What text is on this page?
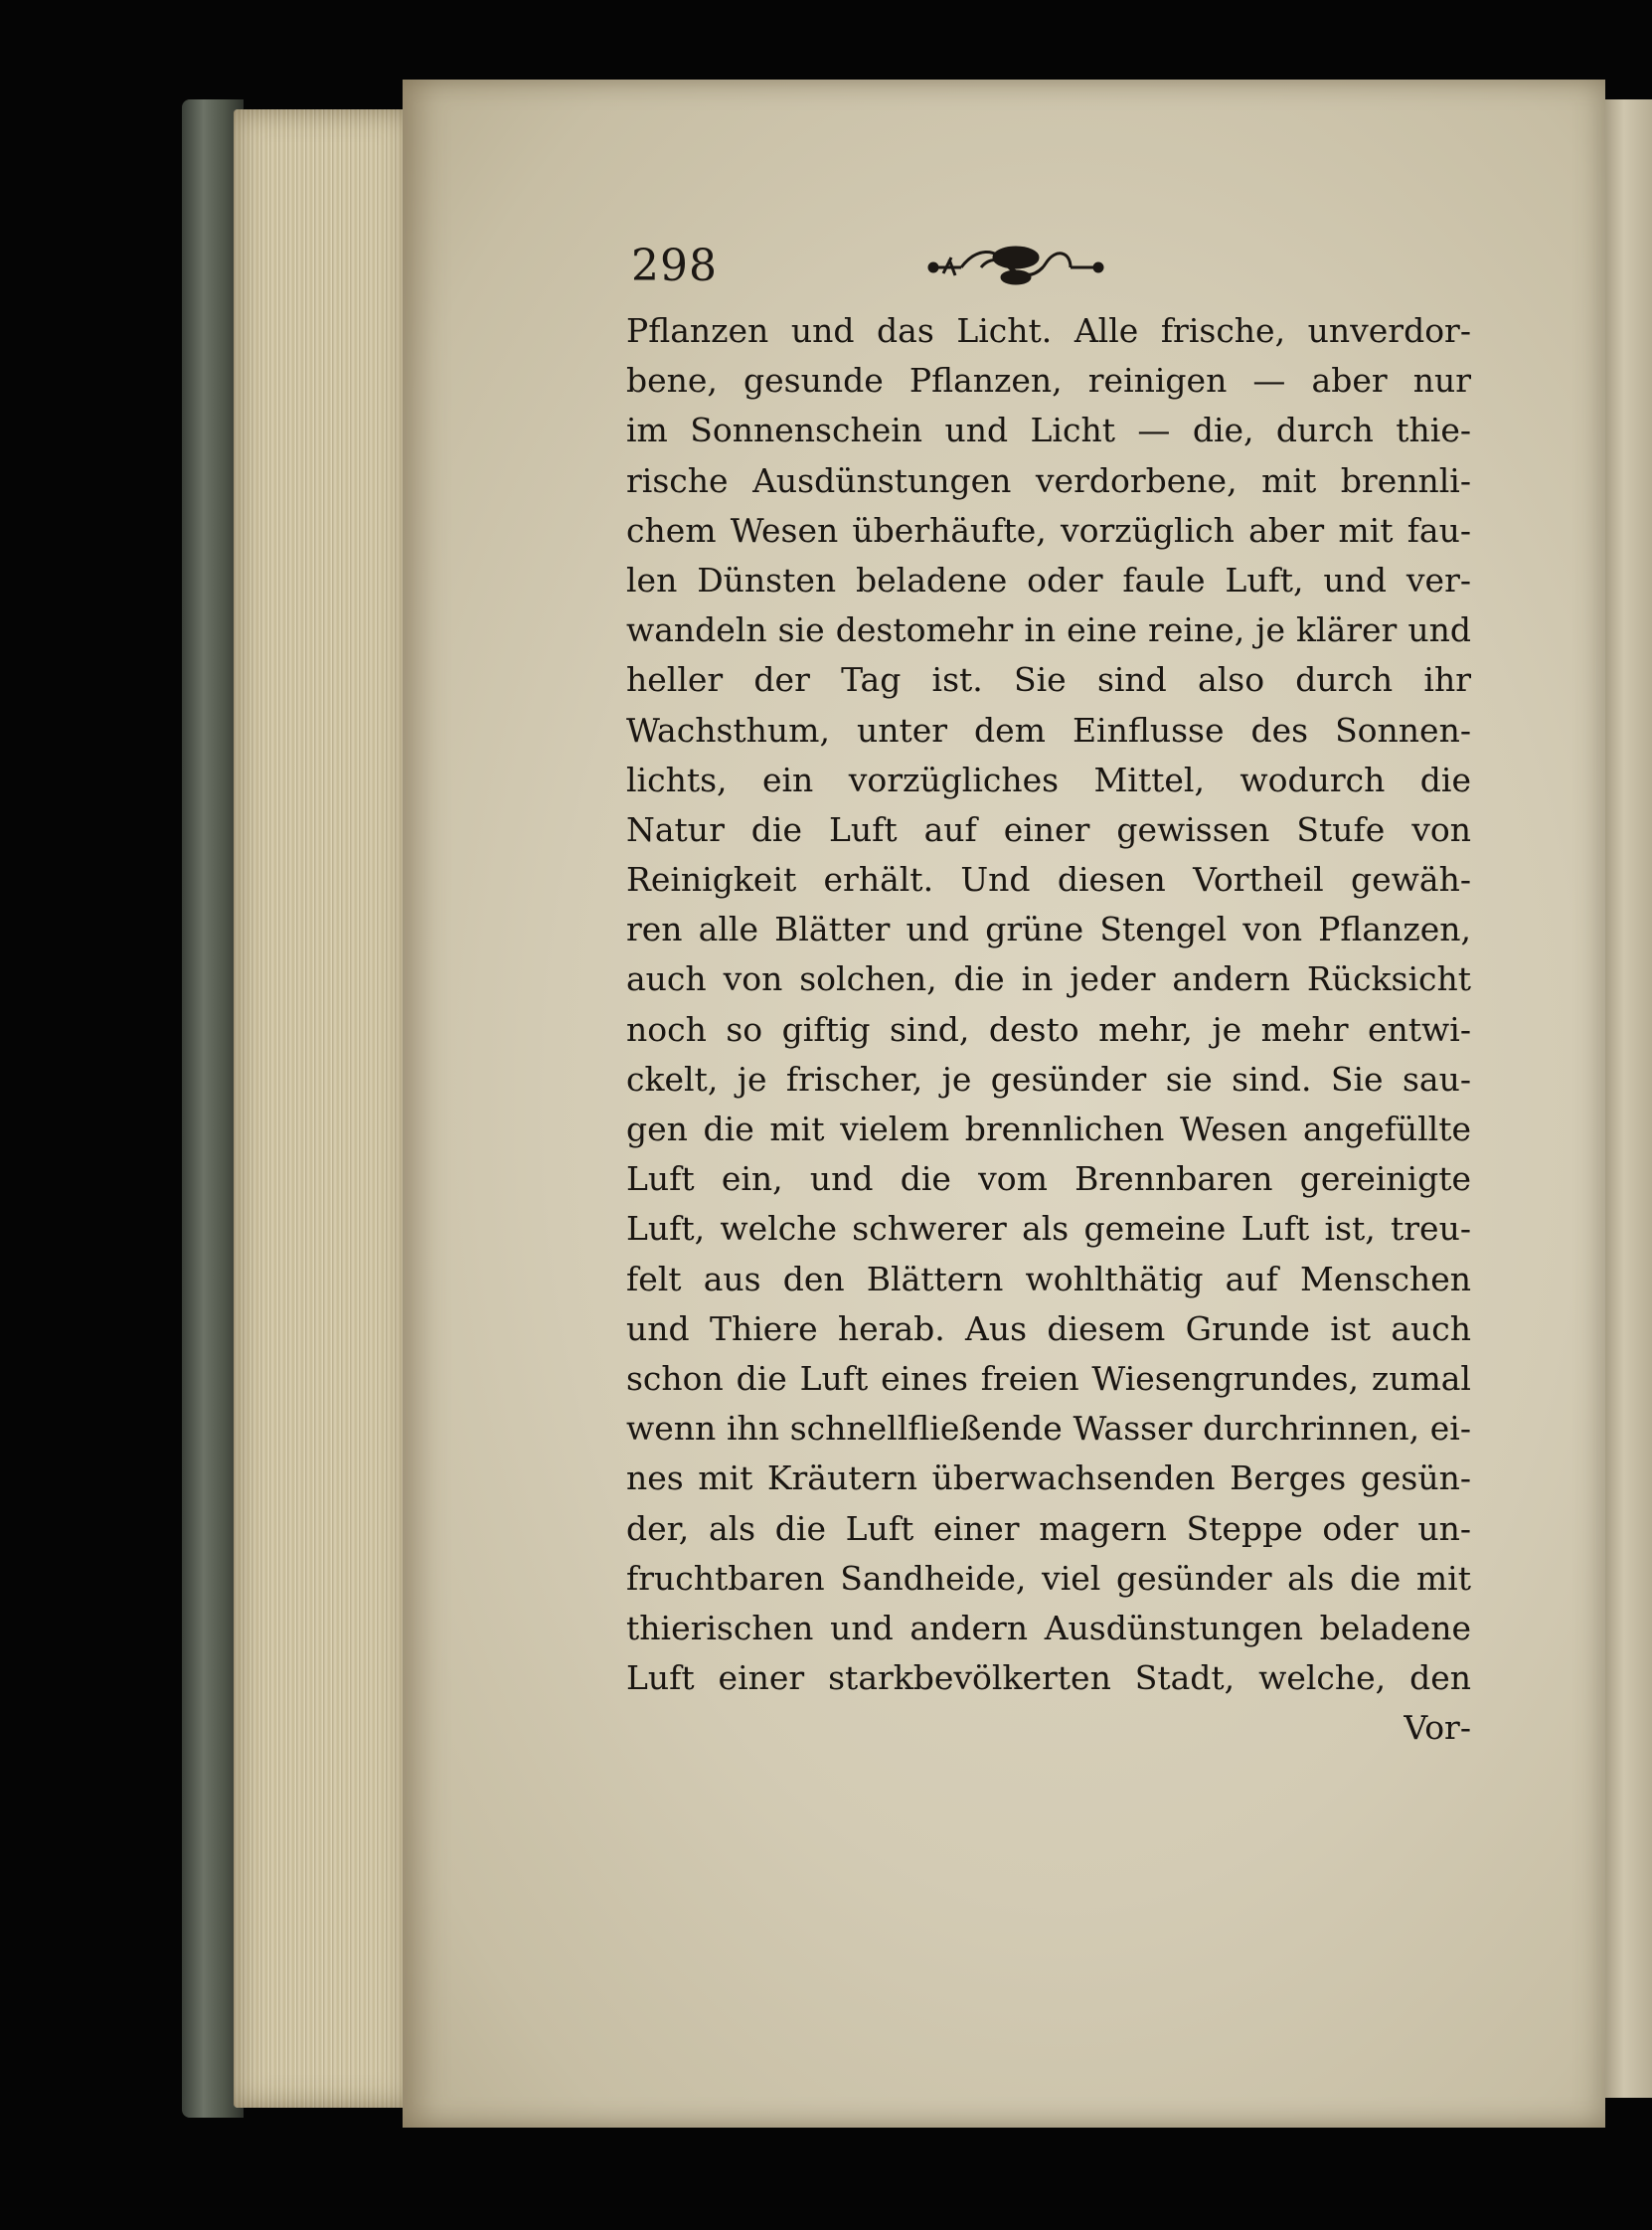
298
Pflanzen und das Licht. Alle frische, unverdor-
bene, gesunde Pflanzen, reinigen — aber nur
im Sonnenschein und Licht — die, durch thie-
rische Ausdünstungen verdorbene, mit brennli-
chem Wesen überhäufte, vorzüglich aber mit fau-
len Dünsten beladene oder faule Luft, und ver-
wandeln sie destomehr in eine reine, je klärer und
heller der Tag ist. Sie sind also durch ihr
Wachsthum, unter dem Einflusse des Sonnen-
lichts, ein vorzügliches Mittel, wodurch die
Natur die Luft auf einer gewissen Stufe von
Reinigkeit erhält. Und diesen Vortheil gewäh-
ren alle Blätter und grüne Stengel von Pflanzen,
auch von solchen, die in jeder andern Rücksicht
noch so giftig sind, desto mehr, je mehr entwi-
ckelt, je frischer, je gesünder sie sind. Sie sau-
gen die mit vielem brennlichen Wesen angefüllte
Luft ein, und die vom Brennbaren gereinigte
Luft, welche schwerer als gemeine Luft ist, treu-
felt aus den Blättern wohlthätig auf Menschen
und Thiere herab. Aus diesem Grunde ist auch
schon die Luft eines freien Wiesengrundes, zumal
wenn ihn schnellfließende Wasser durchrinnen, ei-
nes mit Kräutern überwachsenden Berges gesün-
der, als die Luft einer magern Steppe oder un-
fruchtbaren Sandheide, viel gesünder als die mit
thierischen und andern Ausdünstungen beladene
Luft einer starkbevölkerten Stadt, welche, den
Vor-
